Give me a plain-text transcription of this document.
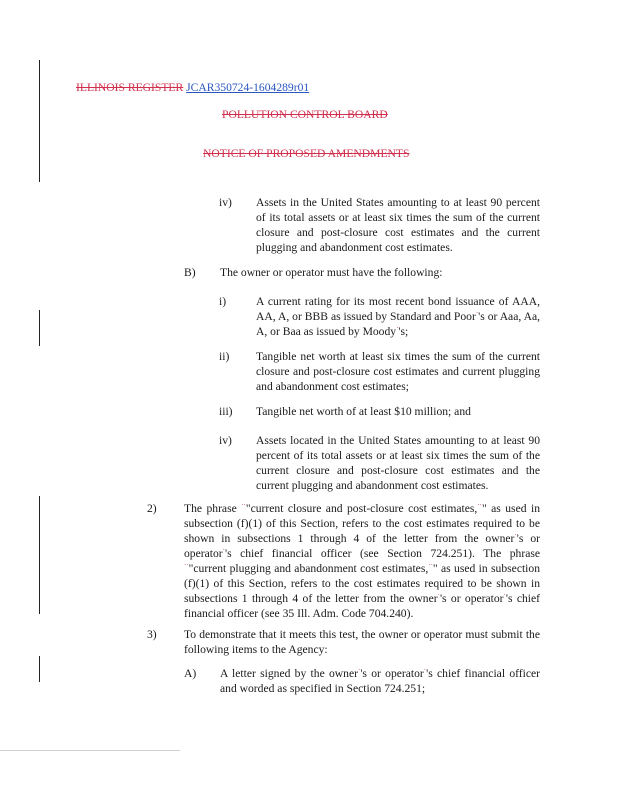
ILLINOIS REGISTER JCAR350724-1604289r01
POLLUTION CONTROL BOARD
NOTICE OF PROPOSED AMENDMENTS
iv) Assets in the United States amounting to at least 90 percent of its total assets or at least six times the sum of the current closure and post-closure cost estimates and the current plugging and abandonment cost estimates.
B) The owner or operator must have the following:
i)	A current rating for its most recent bond issuance of AAA, AA, A, or BBB as issued by Standard and Poor·'s or Aaa, Aa, A, or Baa as issued by Moody·'s;
ii) Tangible net worth at least six times the sum of the current closure and post-closure cost estimates and current plugging and abandonment cost estimates;
iii) Tangible net worth of at least $10 million; and
iv) Assets located in the United States amounting to at least 90 percent of its total assets or at least six times the sum of the current closure and post-closure cost estimates and the current plugging and abandonment cost estimates.
2) The phrase ··"current closure and post-closure cost estimates,··" as used in subsection (f)(1) of this Section, refers to the cost estimates required to be shown in subsections 1 through 4 of the letter from the owner·'s or operator·'s chief financial officer (see Section 724.251). The phrase ··"current plugging and abandonment cost estimates,··" as used in subsection (f)(1) of this Section, refers to the cost estimates required to be shown in subsections 1 through 4 of the letter from the owner·'s or operator·'s chief financial officer (see 35 Ill. Adm. Code 704.240).
3) To demonstrate that it meets this test, the owner or operator must submit the following items to the Agency:
A) A letter signed by the owner·'s or operator·'s chief financial officer and worded as specified in Section 724.251;
